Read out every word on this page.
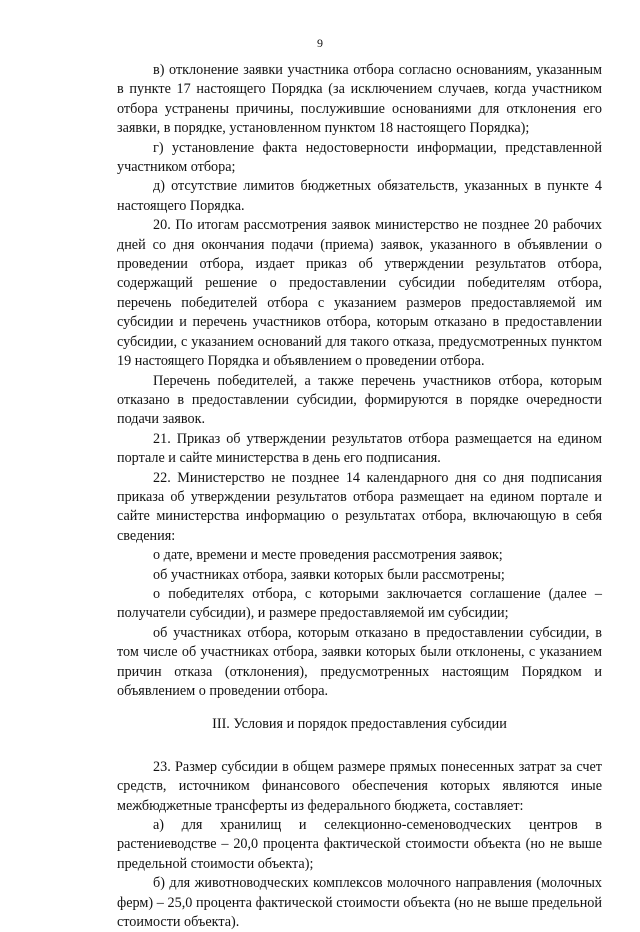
9

в) отклонение заявки участника отбора согласно основаниям, указанным в пункте 17 настоящего Порядка (за исключением случаев, когда участником отбора устранены причины, послужившие основаниями для отклонения его заявки, в порядке, установленном пунктом 18 настоящего Порядка);

г) установление факта недостоверности информации, представленной участником отбора;

д) отсутствие лимитов бюджетных обязательств, указанных в пункте 4 настоящего Порядка.

20. По итогам рассмотрения заявок министерство не позднее 20 рабочих дней со дня окончания подачи (приема) заявок, указанного в объявлении о проведении отбора, издает приказ об утверждении результатов отбора, содержащий решение о предоставлении субсидии победителям отбора, перечень победителей отбора с указанием размеров предоставляемой им субсидии и перечень участников отбора, которым отказано в предоставлении субсидии, с указанием оснований для такого отказа, предусмотренных пунктом 19 настоящего Порядка и объявлением о проведении отбора.

Перечень победителей, а также перечень участников отбора, которым отказано в предоставлении субсидии, формируются в порядке очередности подачи заявок.

21. Приказ об утверждении результатов отбора размещается на едином портале и сайте министерства в день его подписания.

22. Министерство не позднее 14 календарного дня со дня подписания приказа об утверждении результатов отбора размещает на едином портале и сайте министерства информацию о результатах отбора, включающую в себя сведения:

о дате, времени и месте проведения рассмотрения заявок;

об участниках отбора, заявки которых были рассмотрены;

о победителях отбора, с которыми заключается соглашение (далее – получатели субсидии), и размере предоставляемой им субсидии;

об участниках отбора, которым отказано в предоставлении субсидии, в том числе об участниках отбора, заявки которых были отклонены, с указанием причин отказа (отклонения), предусмотренных настоящим Порядком и объявлением о проведении отбора.

III. Условия и порядок предоставления субсидии

23. Размер субсидии в общем размере прямых понесенных затрат за счет средств, источником финансового обеспечения которых являются иные межбюджетные трансферты из федерального бюджета, составляет:

а) для хранилищ и селекционно-семеноводческих центров в растениеводстве – 20,0 процента фактической стоимости объекта (но не выше предельной стоимости объекта);

б) для животноводческих комплексов молочного направления (молочных ферм) – 25,0 процента фактической стоимости объекта (но не выше предельной стоимости объекта).
